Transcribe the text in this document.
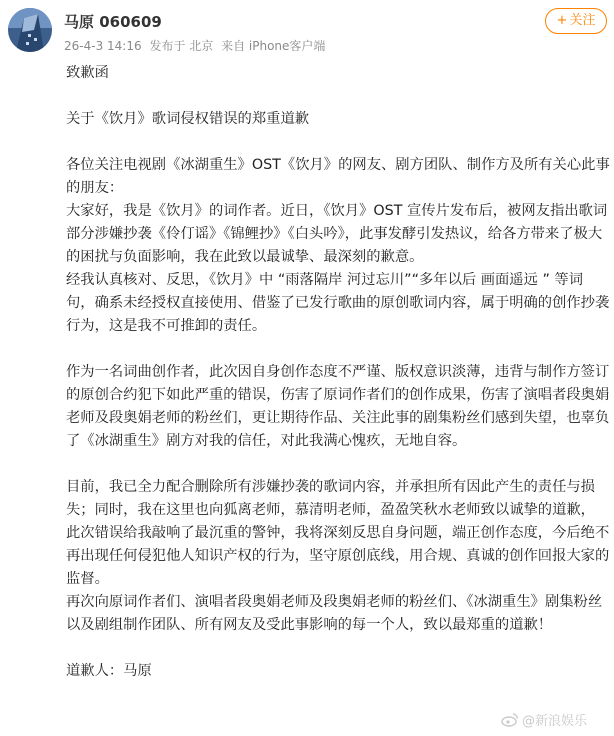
马原 060609
26-4-3 14:16 发布于 北京 来自 iPhone客户端
+ 关注

致歉函

关于《饮月》歌词侵权错误的郑重道歉

各位关注电视剧《冰湖重生》OST《饮月》的网友、剧方团队、制作方及所有关心此事的朋友：

大家好，我是《饮月》的词作者。近日，《饮月》OST 宣传片发布后，被网友指出歌词部分涉嫌抄袭《伶仃谣》《锦鲤抄》《白头吟》，此事发酵引发热议，给各方带来了极大的困扰与负面影响，我在此致以最诚挚、最深刻的歉意。

经我认真核对、反思，《饮月》中 “雨落隔岸 河过忘川”“多年以后 画面遥远 ” 等词句，确系未经授权直接使用、借鉴了已发行歌曲的原创歌词内容，属于明确的创作抄袭行为，这是我不可推卸的责任。

作为一名词曲创作者，此次因自身创作态度不严谨、版权意识淡薄，违背与制作方签订的原创合约犯下如此严重的错误，伤害了原词作者们的创作成果，伤害了演唱者段奥娟老师及段奥娟老师的粉丝们，更让期待作品、关注此事的剧集粉丝们感到失望，也辜负了《冰湖重生》剧方对我的信任，对此我满心愧疚，无地自容。

目前，我已全力配合删除所有涉嫌抄袭的歌词内容，并承担所有因此产生的责任与损失；同时，我在这里也向狐离老师，慕清明老师，盈盈笑秋水老师致以诚挚的道歉，

此次错误给我敲响了最沉重的警钟，我将深刻反思自身问题，端正创作态度，今后绝不再出现任何侵犯他人知识产权的行为，坚守原创底线，用合规、真诚的创作回报大家的监督。

再次向原词作者们、演唱者段奥娟老师及段奥娟老师的粉丝们、《冰湖重生》剧集粉丝以及剧组制作团队、所有网友及受此事影响的每一个人，致以最郑重的道歉！

道歉人：马原

@新浪娱乐
